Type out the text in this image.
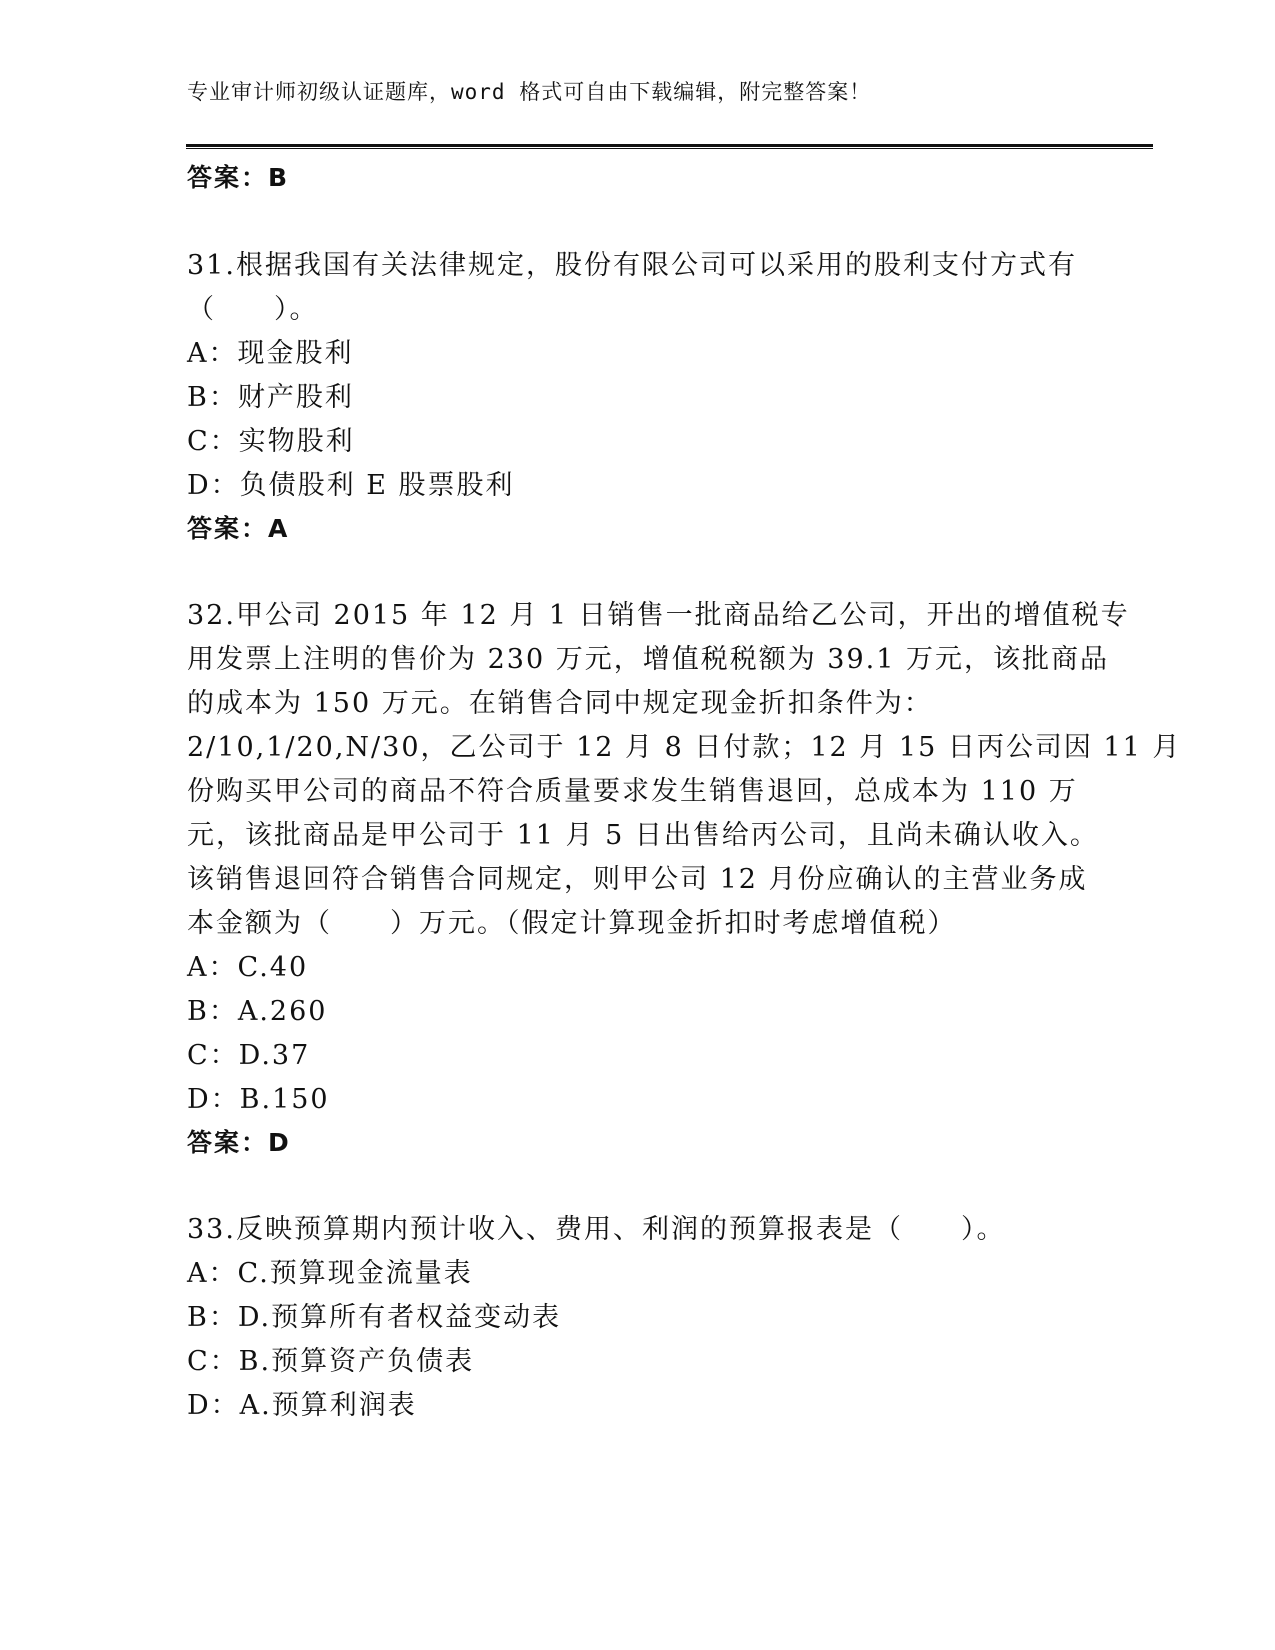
专业审计师初级认证题库，word 格式可自由下载编辑，附完整答案！
答案：B
31.根据我国有关法律规定，股份有限公司可以采用的股利支付方式有
（　　）。
A：现金股利
B：财产股利
C：实物股利
D：负债股利 E 股票股利
答案：A
32.甲公司 2015 年 12 月 1 日销售一批商品给乙公司，开出的增值税专
用发票上注明的售价为 230 万元，增值税税额为 39.1 万元，该批商品
的成本为 150 万元。在销售合同中规定现金折扣条件为：
2/10,1/20,N/30，乙公司于 12 月 8 日付款；12 月 15 日丙公司因 11 月
份购买甲公司的商品不符合质量要求发生销售退回，总成本为 110 万
元，该批商品是甲公司于 11 月 5 日出售给丙公司，且尚未确认收入。
该销售退回符合销售合同规定，则甲公司 12 月份应确认的主营业务成
本金额为（　　）万元。（假定计算现金折扣时考虑增值税）
A：C.40
B：A.260
C：D.37
D：B.150
答案：D
33.反映预算期内预计收入、费用、利润的预算报表是（　　）。
A：C.预算现金流量表
B：D.预算所有者权益变动表
C：B.预算资产负债表
D：A.预算利润表
